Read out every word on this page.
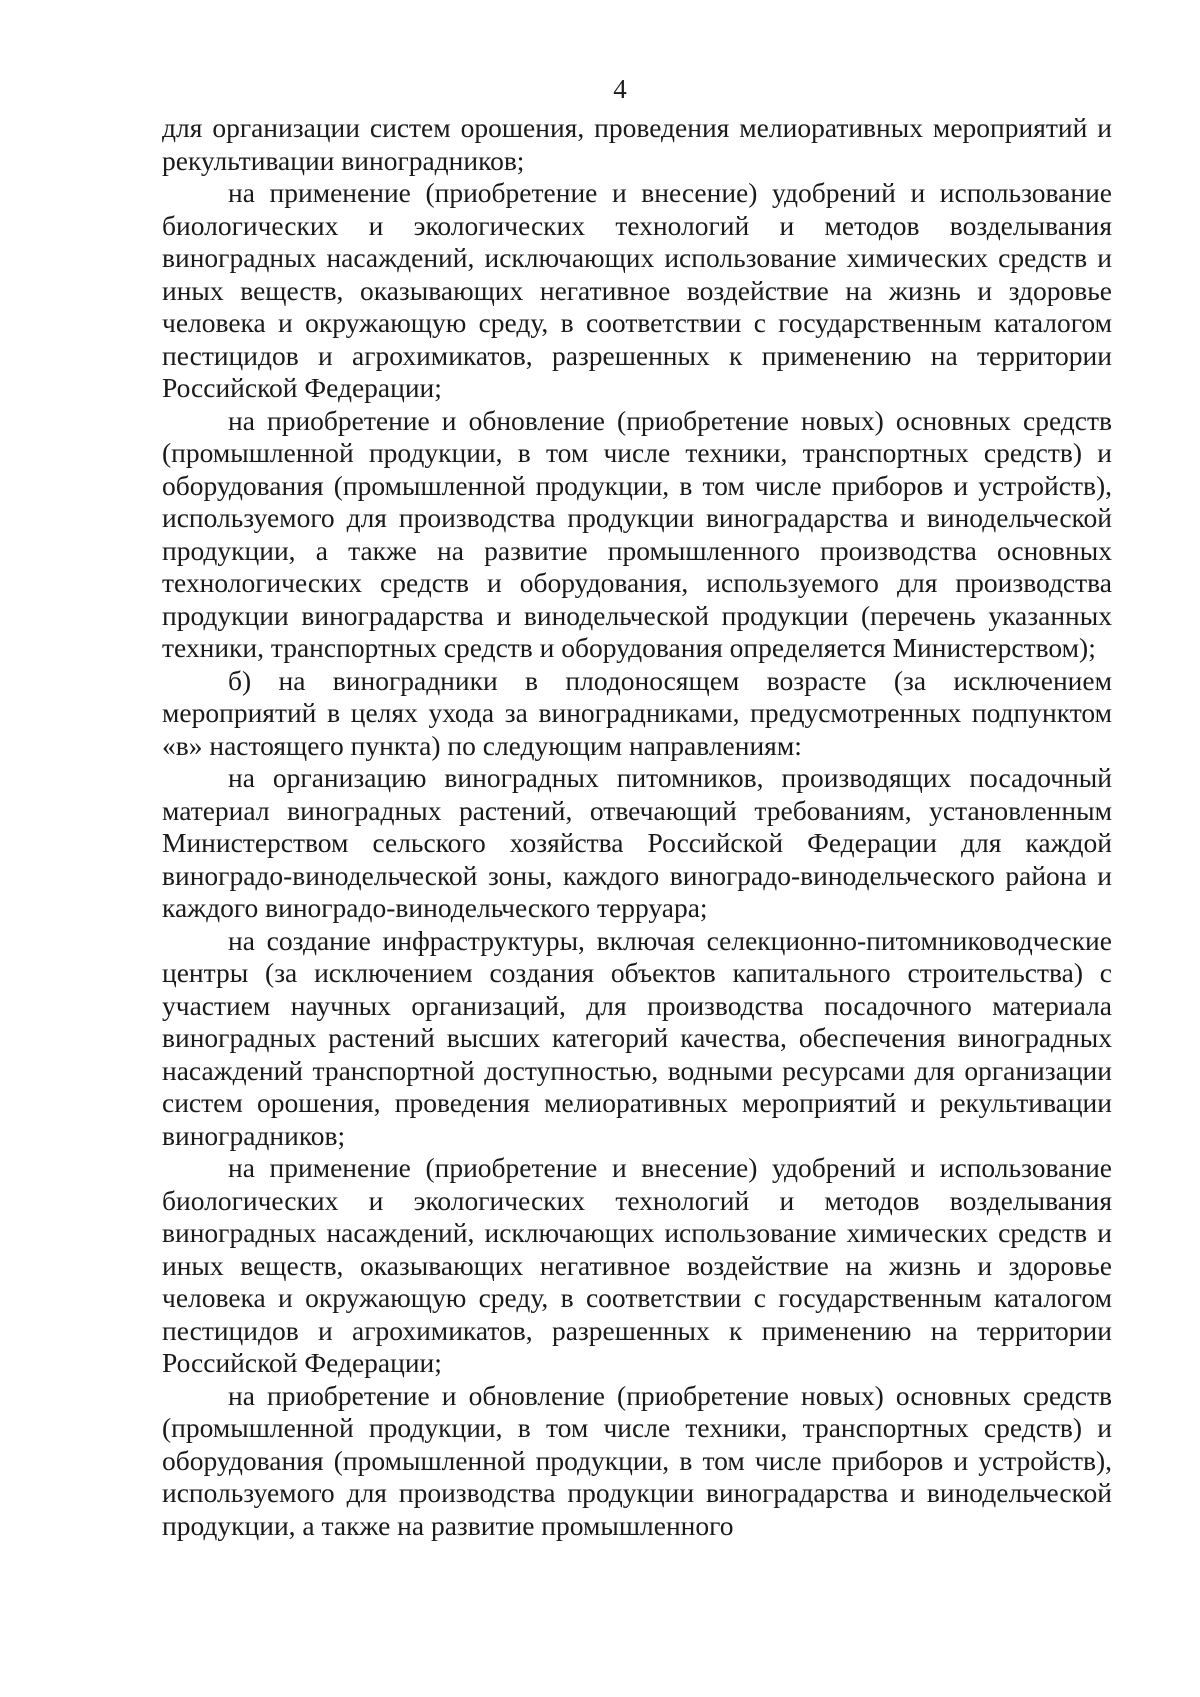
4

для организации систем орошения, проведения мелиоративных мероприятий и рекультивации виноградников;

на применение (приобретение и внесение) удобрений и использование биологических и экологических технологий и методов возделывания виноградных насаждений, исключающих использование химических средств и иных веществ, оказывающих негативное воздействие на жизнь и здоровье человека и окружающую среду, в соответствии с государственным каталогом пестицидов и агрохимикатов, разрешенных к применению на территории Российской Федерации;

на приобретение и обновление (приобретение новых) основных средств (промышленной продукции, в том числе техники, транспортных средств) и оборудования (промышленной продукции, в том числе приборов и устройств), используемого для производства продукции виноградарства и винодельческой продукции, а также на развитие промышленного производства основных технологических средств и оборудования, используемого для производства продукции виноградарства и винодельческой продукции (перечень указанных техники, транспортных средств и оборудования определяется Министерством);

б) на виноградники в плодоносящем возрасте (за исключением мероприятий в целях ухода за виноградниками, предусмотренных подпунктом «в» настоящего пункта) по следующим направлениям:

на организацию виноградных питомников, производящих посадочный материал виноградных растений, отвечающий требованиям, установленным Министерством сельского хозяйства Российской Федерации для каждой виноградо-винодельческой зоны, каждого виноградо-винодельческого района и каждого виноградо-винодельческого терруара;

на создание инфраструктуры, включая селекционно-питомниководческие центры (за исключением создания объектов капитального строительства) с участием научных организаций, для производства посадочного материала виноградных растений высших категорий качества, обеспечения виноградных насаждений транспортной доступностью, водными ресурсами для организации систем орошения, проведения мелиоративных мероприятий и рекультивации виноградников;

на применение (приобретение и внесение) удобрений и использование биологических и экологических технологий и методов возделывания виноградных насаждений, исключающих использование химических средств и иных веществ, оказывающих негативное воздействие на жизнь и здоровье человека и окружающую среду, в соответствии с государственным каталогом пестицидов и агрохимикатов, разрешенных к применению на территории Российской Федерации;

на приобретение и обновление (приобретение новых) основных средств (промышленной продукции, в том числе техники, транспортных средств) и оборудования (промышленной продукции, в том числе приборов и устройств), используемого для производства продукции виноградарства и винодельческой продукции, а также на развитие промышленного
